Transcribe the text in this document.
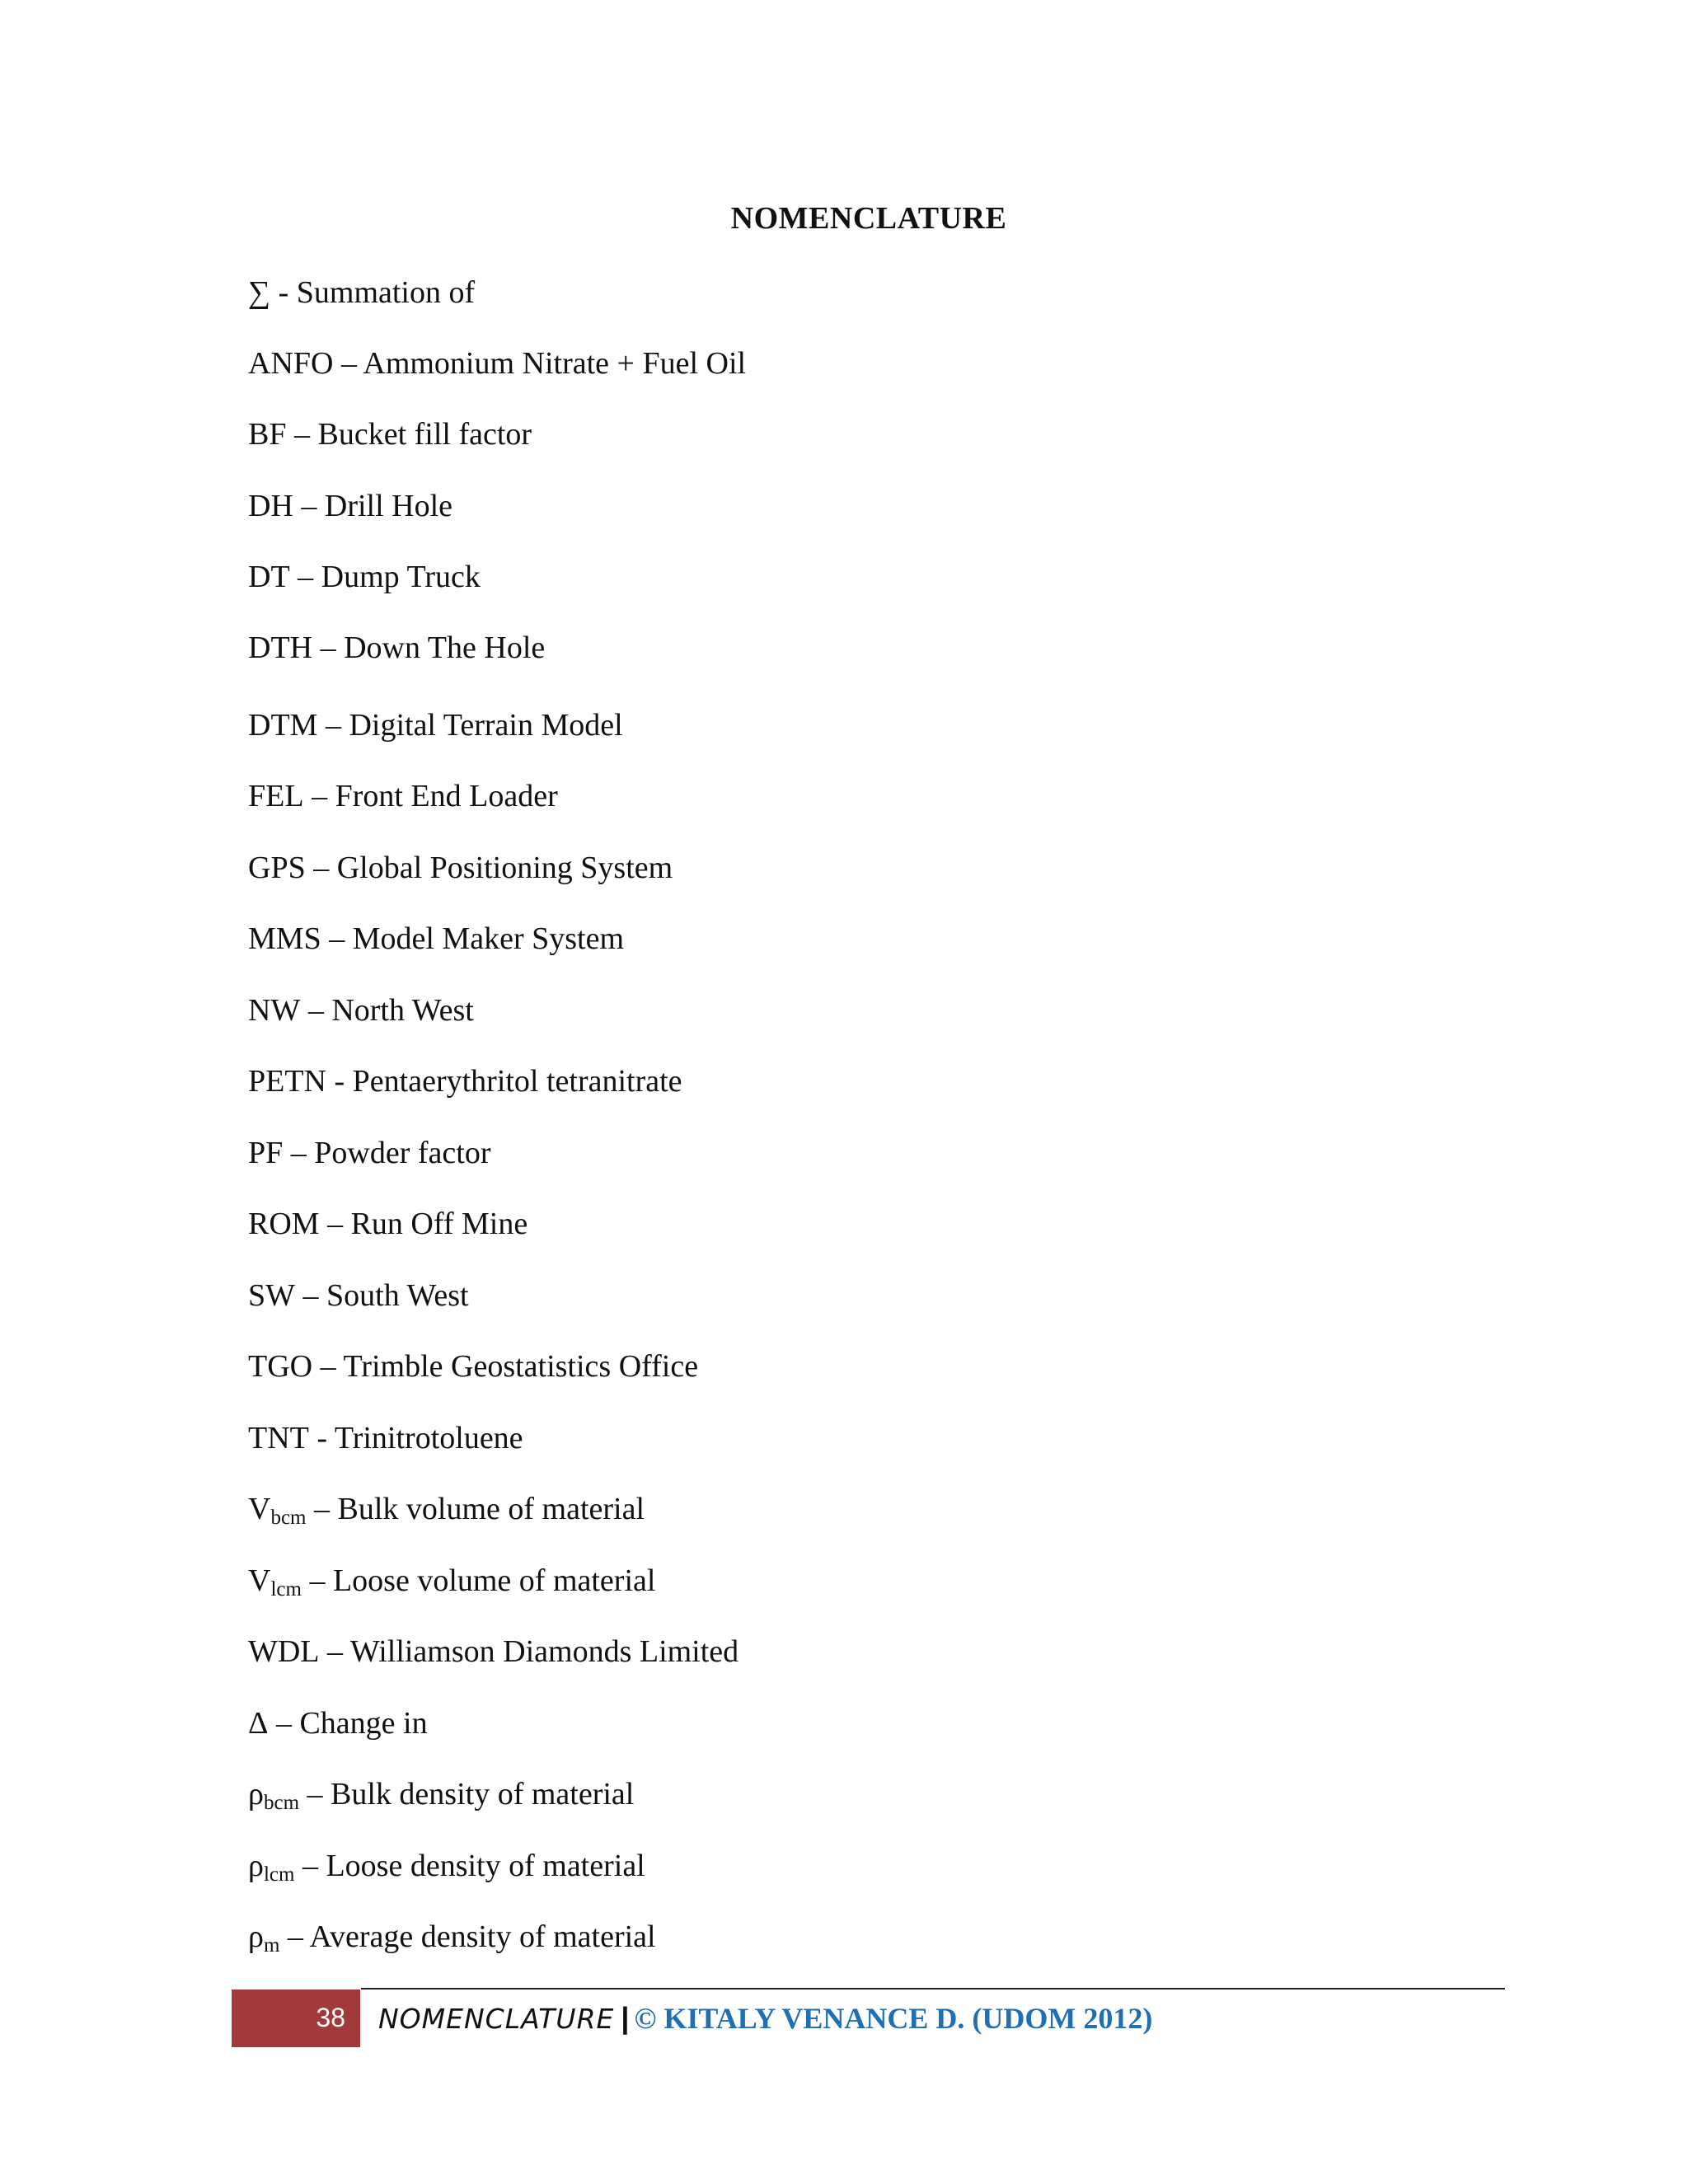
NOMENCLATURE
∑ - Summation of
ANFO – Ammonium Nitrate + Fuel Oil
BF – Bucket fill factor
DH – Drill Hole
DT – Dump Truck
DTH – Down The Hole
DTM – Digital Terrain Model
FEL – Front End Loader
GPS – Global Positioning System
MMS – Model Maker System
NW – North West
PETN - Pentaerythritol tetranitrate
PF – Powder factor
ROM – Run Off Mine
SW – South West
TGO – Trimble Geostatistics Office
TNT - Trinitrotoluene
$V_{bcm}$ – Bulk volume of material
$V_{lcm}$ – Loose volume of material
WDL – Williamson Diamonds Limited
Δ – Change in
$\rho_{bcm}$ – Bulk density of material
$\rho_{lcm}$ – Loose density of material
$\rho_m$ – Average density of material
38 NOMENCLATURE | © KITALY VENANCE D. (UDOM 2012)
